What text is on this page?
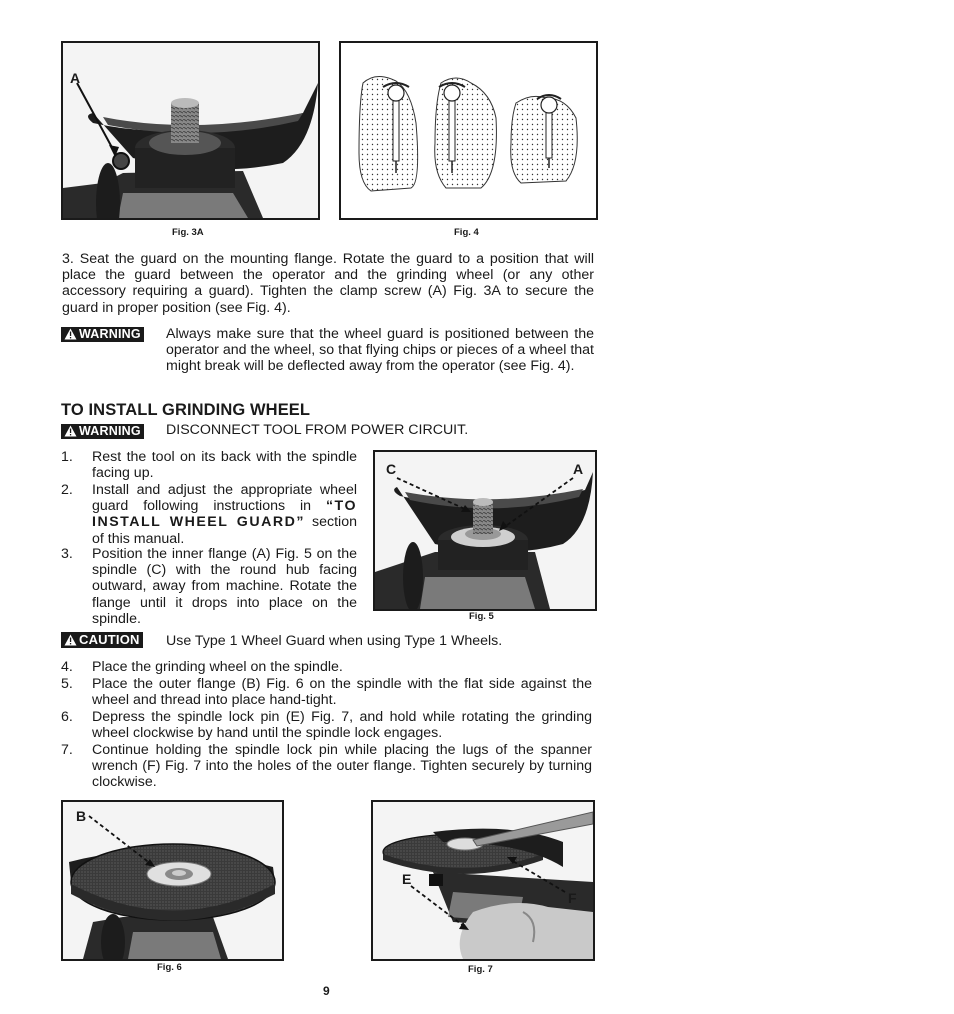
A
Fig. 3A	Fig. 4
3. Seat the guard on the mounting flange. Rotate the guard to a position that will place the guard between the operator and the grinding wheel (or any other accessory requiring a guard). Tighten the clamp screw (A) Fig. 3A to secure the guard in proper position (see Fig. 4).
WARNING Always make sure that the wheel guard is positioned between the operator and the wheel, so that flying chips or pieces of a wheel that might break will be deflected away from the operator (see Fig. 4).
TO INSTALL GRINDING WHEEL
WARNING DISCONNECT TOOL FROM POWER CIRCUIT.
1. Rest the tool on its back with the spindle facing up.
2. Install and adjust the appropriate wheel guard following instructions in “TO INSTALL WHEEL GUARD” section of this manual.
3. Position the inner flange (A) Fig. 5 on the spindle (C) with the round hub facing outward, away from machine. Rotate the flange until it drops into place on the spindle.
C	A
Fig. 5
CAUTION Use Type 1 Wheel Guard when using Type 1 Wheels.
4. Place the grinding wheel on the spindle.
5. Place the outer flange (B) Fig. 6 on the spindle with the flat side against the wheel and thread into place hand-tight.
6. Depress the spindle lock pin (E) Fig. 7, and hold while rotating the grinding wheel clockwise by hand until the spindle lock engages.
7. Continue holding the spindle lock pin while placing the lugs of the spanner wrench (F) Fig. 7 into the holes of the outer flange. Tighten securely by turning clockwise.
B
Fig. 6
E
F
Fig. 7
9
